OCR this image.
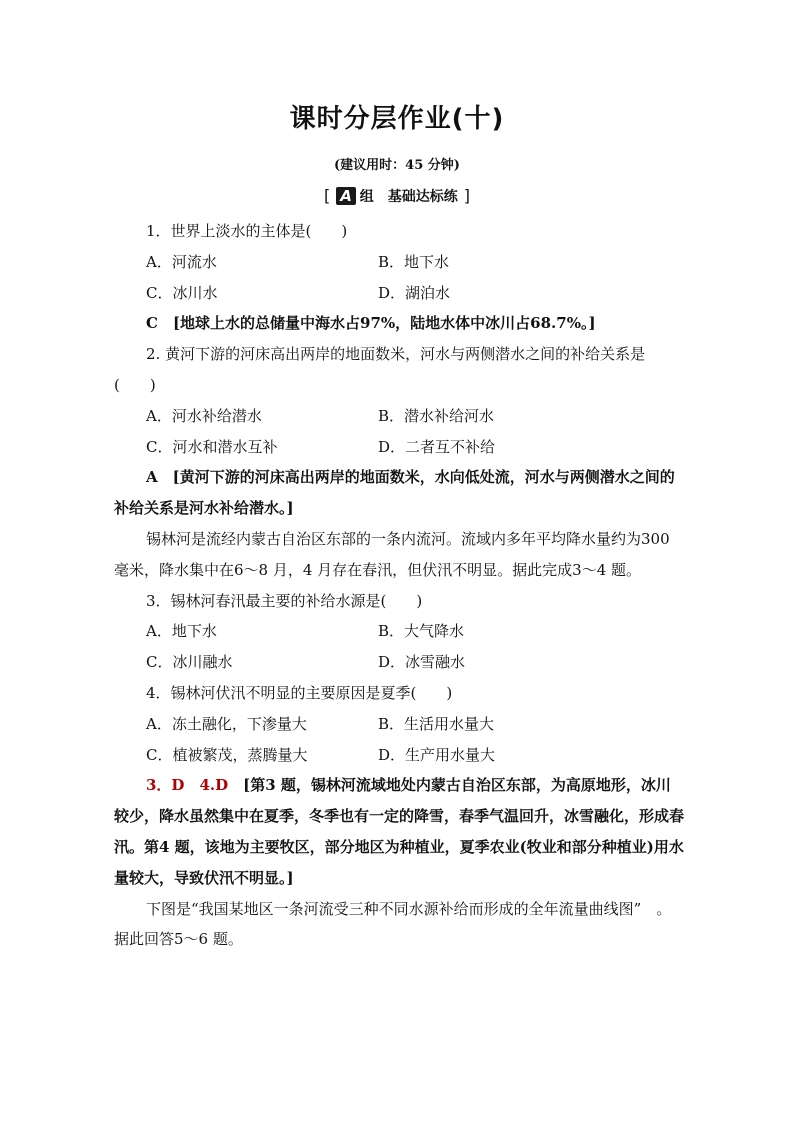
课时分层作业(十)
(建议用时：45 分钟)
[ A 组　基础达标练 ]

1．世界上淡水的主体是(　　)

A．河流水	B．地下水
C．冰川水	D．湖泊水

C　[地球上水的总储量中海水占97%，陆地水体中冰川占68.7%。]

2. 黄河下游的河床高出两岸的地面数米，河水与两侧潜水之间的补给关系是

(　　)

A．河水补给潜水	B．潜水补给河水
C．河水和潜水互补	D．二者互不补给

A　[黄河下游的河床高出两岸的地面数米，水向低处流，河水与两侧潜水之间的补给关系是河水补给潜水。]

锡林河是流经内蒙古自治区东部的一条内流河。流域内多年平均降水量约为300 毫米，降水集中在6～8 月，4 月存在春汛，但伏汛不明显。据此完成3～4 题。

3．锡林河春汛最主要的补给水源是(　　)

A．地下水	B．大气降水
C．冰川融水	D．冰雪融水

4．锡林河伏汛不明显的主要原因是夏季(　　)

A．冻土融化，下渗量大	B．生活用水量大
C．植被繁茂，蒸腾量大	D．生产用水量大

3．D　4.D　[第3 题，锡林河流域地处内蒙古自治区东部，为高原地形，冰川较少，降水虽然集中在夏季，冬季也有一定的降雪，春季气温回升，冰雪融化，形成春汛。第4 题，该地为主要牧区，部分地区为种植业，夏季农业(牧业和部分种植业)用水量较大，导致伏汛不明显。]

下图是“我国某地区一条河流受三种不同水源补给而形成的全年流量曲线图”　。据此回答5～6 题。
